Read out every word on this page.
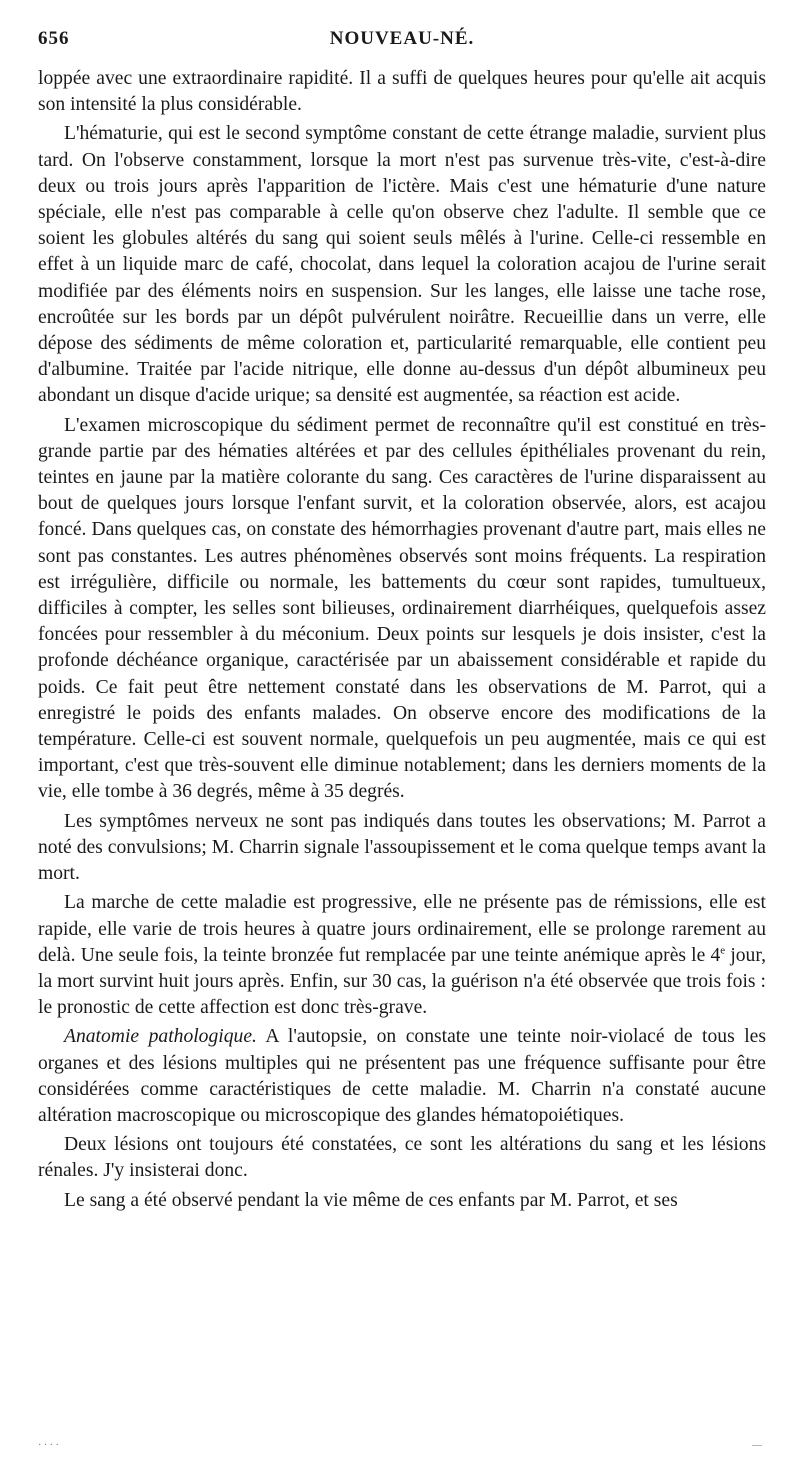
656	NOUVEAU-NÉ.

loppée avec une extraordinaire rapidité. Il a suffi de quelques heures pour qu'elle ait acquis son intensité la plus considérable.

L'hématurie, qui est le second symptôme constant de cette étrange maladie, survient plus tard. On l'observe constamment, lorsque la mort n'est pas survenue très-vite, c'est-à-dire deux ou trois jours après l'apparition de l'ictère. Mais c'est une hématurie d'une nature spéciale, elle n'est pas comparable à celle qu'on observe chez l'adulte. Il semble que ce soient les globules altérés du sang qui soient seuls mêlés à l'urine. Celle-ci ressemble en effet à un liquide marc de café, chocolat, dans lequel la coloration acajou de l'urine serait modifiée par des éléments noirs en suspension. Sur les langes, elle laisse une tache rose, encroûtée sur les bords par un dépôt pulvérulent noirâtre. Recueillie dans un verre, elle dépose des sédiments de même coloration et, particularité remarquable, elle contient peu d'albumine. Traitée par l'acide nitrique, elle donne au-dessus d'un dépôt albumineux peu abondant un disque d'acide urique; sa densité est augmentée, sa réaction est acide.

L'examen microscopique du sédiment permet de reconnaître qu'il est constitué en très-grande partie par des hématies altérées et par des cellules épithéliales provenant du rein, teintes en jaune par la matière colorante du sang. Ces caractères de l'urine disparaissent au bout de quelques jours lorsque l'enfant survit, et la coloration observée, alors, est acajou foncé. Dans quelques cas, on constate des hémorrhagies provenant d'autre part, mais elles ne sont pas constantes. Les autres phénomènes observés sont moins fréquents. La respiration est irrégulière, difficile ou normale, les battements du cœur sont rapides, tumultueux, difficiles à compter, les selles sont bilieuses, ordinairement diarrhéiques, quelquefois assez foncées pour ressembler à du méconium. Deux points sur lesquels je dois insister, c'est la profonde déchéance organique, caractérisée par un abaissement considérable et rapide du poids. Ce fait peut être nettement constaté dans les observations de M. Parrot, qui a enregistré le poids des enfants malades. On observe encore des modifications de la température. Celle-ci est souvent normale, quelquefois un peu augmentée, mais ce qui est important, c'est que très-souvent elle diminue notablement; dans les derniers moments de la vie, elle tombe à 36 degrés, même à 35 degrés.

Les symptômes nerveux ne sont pas indiqués dans toutes les observations; M. Parrot a noté des convulsions; M. Charrin signale l'assoupissement et le coma quelque temps avant la mort.

La marche de cette maladie est progressive, elle ne présente pas de rémissions, elle est rapide, elle varie de trois heures à quatre jours ordinairement, elle se prolonge rarement au delà. Une seule fois, la teinte bronzée fut remplacée par une teinte anémique après le 4e jour, la mort survint huit jours après. Enfin, sur 30 cas, la guérison n'a été observée que trois fois : le pronostic de cette affection est donc très-grave.

Anatomie pathologique. A l'autopsie, on constate une teinte noir-violacé de tous les organes et des lésions multiples qui ne présentent pas une fréquence suffisante pour être considérées comme caractéristiques de cette maladie. M. Charrin n'a constaté aucune altération macroscopique ou microscopique des glandes hématopoiétiques.

Deux lésions ont toujours été constatées, ce sont les altérations du sang et les lésions rénales. J'y insisterai donc.

Le sang a été observé pendant la vie même de ces enfants par M. Parrot, et ses

· · · ·	—
